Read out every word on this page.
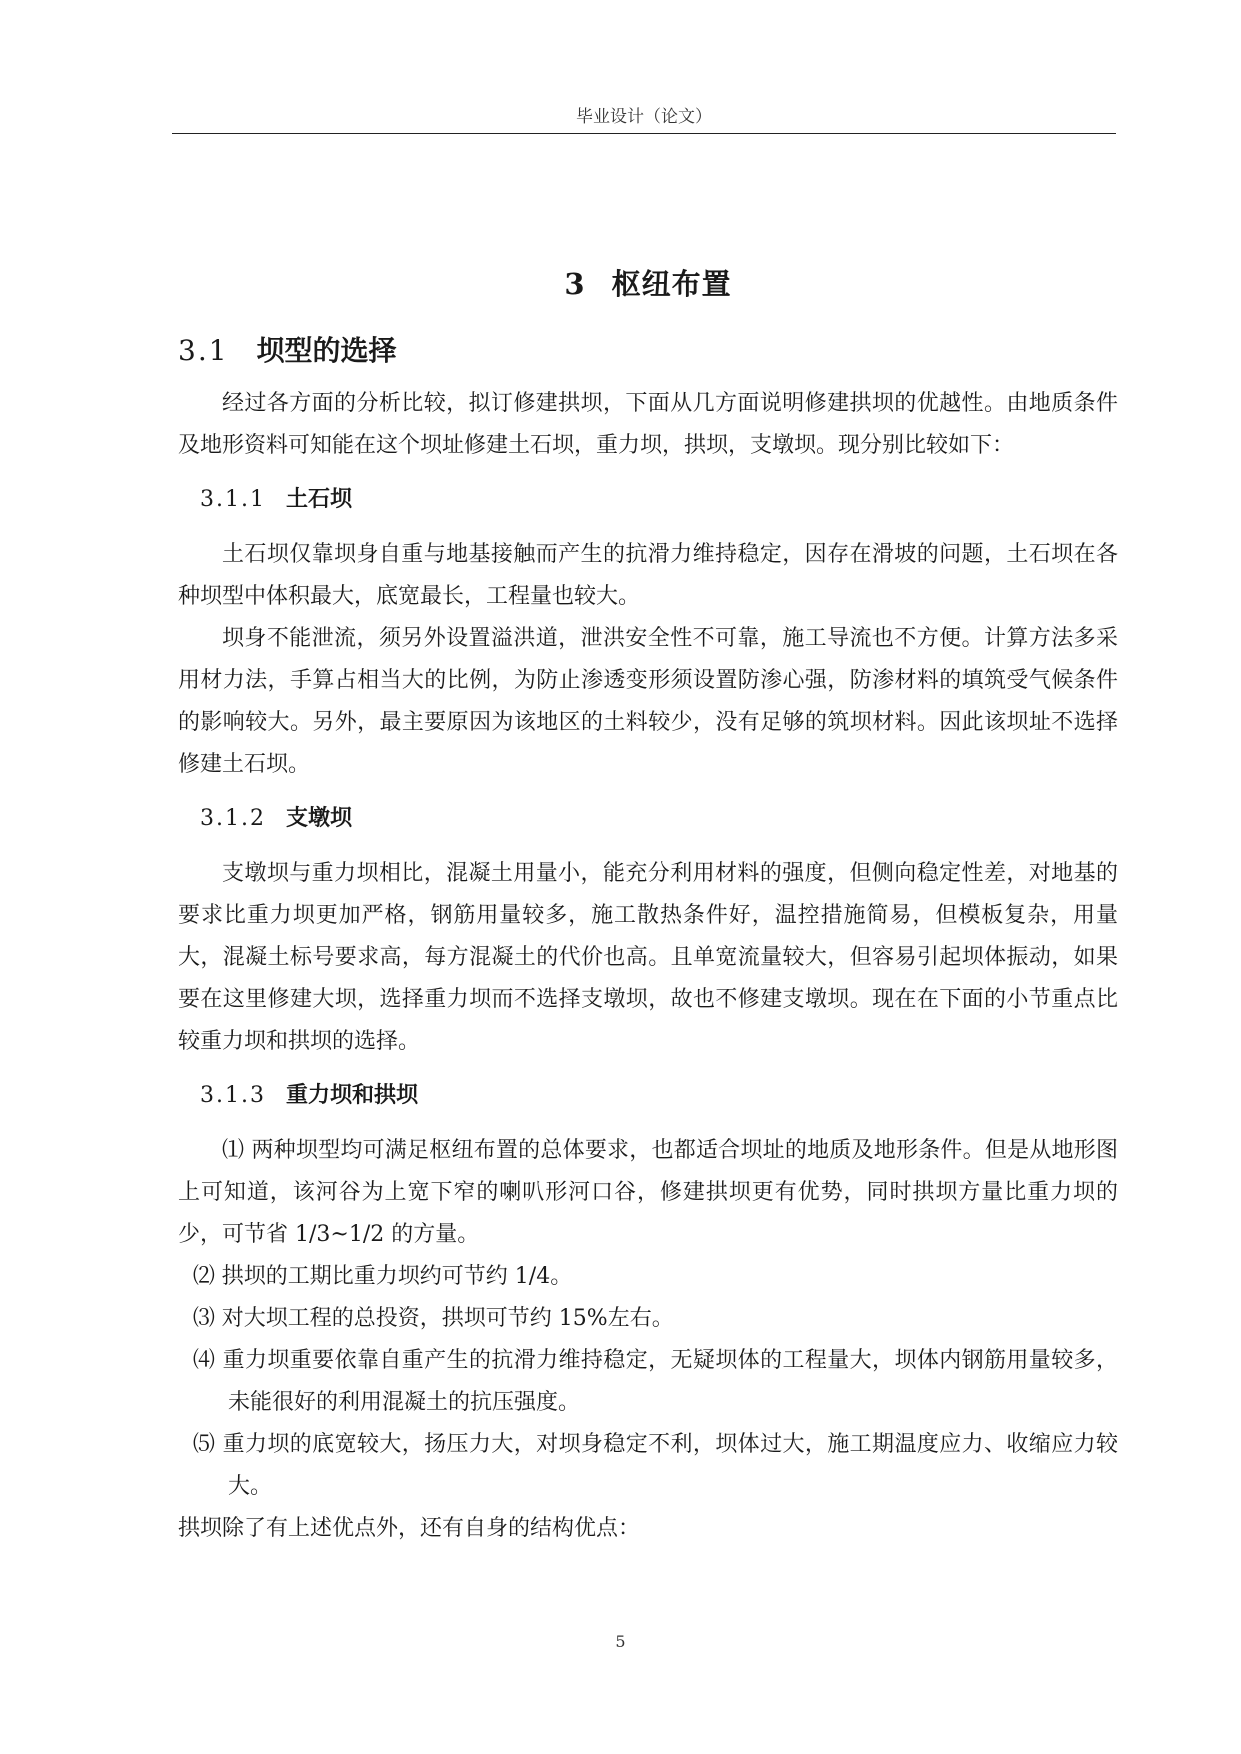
毕业设计（论文）
3 枢纽布置
3.1 坝型的选择

经过各方面的分析比较，拟订修建拱坝，下面从几方面说明修建拱坝的优越性。由地质条件及地形资料可知能在这个坝址修建土石坝，重力坝，拱坝，支墩坝。现分别比较如下：

3.1.1 土石坝

土石坝仅靠坝身自重与地基接触而产生的抗滑力维持稳定，因存在滑坡的问题，土石坝在各种坝型中体积最大，底宽最长，工程量也较大。

坝身不能泄流，须另外设置溢洪道，泄洪安全性不可靠，施工导流也不方便。计算方法多采用材力法，手算占相当大的比例，为防止渗透变形须设置防渗心强，防渗材料的填筑受气候条件的影响较大。另外，最主要原因为该地区的土料较少，没有足够的筑坝材料。因此该坝址不选择修建土石坝。

3.1.2 支墩坝

支墩坝与重力坝相比，混凝土用量小，能充分利用材料的强度，但侧向稳定性差，对地基的要求比重力坝更加严格，钢筋用量较多，施工散热条件好，温控措施简易，但模板复杂，用量大，混凝土标号要求高，每方混凝土的代价也高。且单宽流量较大，但容易引起坝体振动，如果要在这里修建大坝，选择重力坝而不选择支墩坝，故也不修建支墩坝。现在在下面的小节重点比较重力坝和拱坝的选择。

3.1.3 重力坝和拱坝

⑴ 两种坝型均可满足枢纽布置的总体要求，也都适合坝址的地质及地形条件。但是从地形图上可知道，该河谷为上宽下窄的喇叭形河口谷，修建拱坝更有优势，同时拱坝方量比重力坝的少，可节省 1/3~1/2 的方量。

⑵ 拱坝的工期比重力坝约可节约 1/4。

⑶ 对大坝工程的总投资，拱坝可节约 15%左右。

⑷ 重力坝重要依靠自重产生的抗滑力维持稳定，无疑坝体的工程量大，坝体内钢筋用量较多，未能很好的利用混凝土的抗压强度。

⑸ 重力坝的底宽较大，扬压力大，对坝身稳定不利，坝体过大，施工期温度应力、收缩应力较大。

拱坝除了有上述优点外，还有自身的结构优点：

5
